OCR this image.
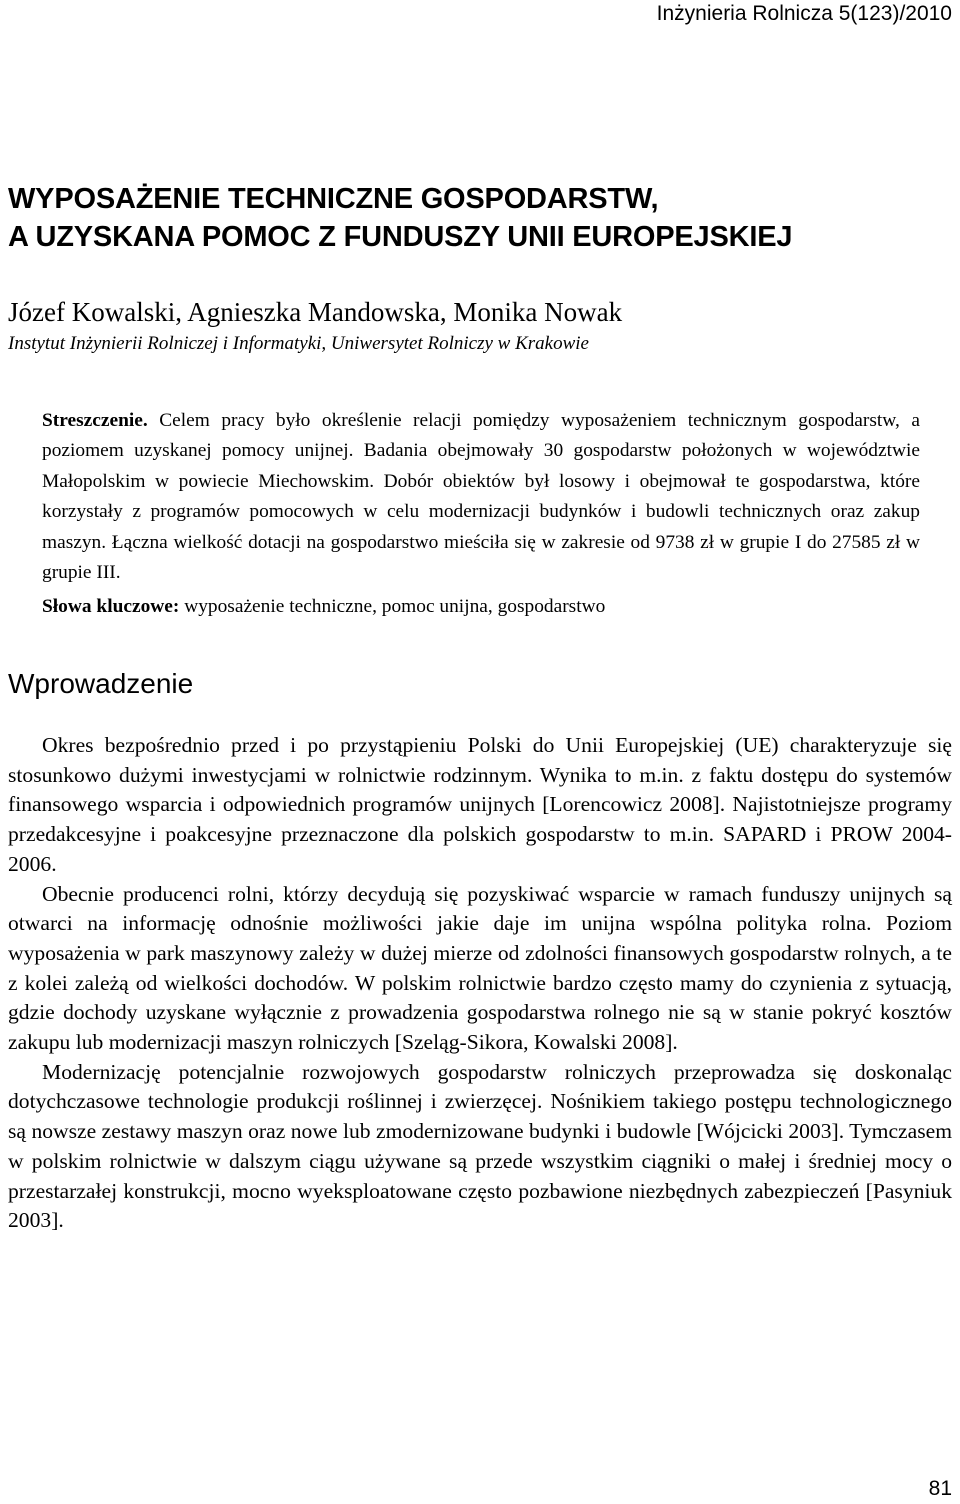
Inżynieria Rolnicza 5(123)/2010
WYPOSAŻENIE TECHNICZNE GOSPODARSTW,
A UZYSKANA POMOC Z FUNDUSZY UNII EUROPEJSKIEJ
Józef Kowalski, Agnieszka Mandowska, Monika Nowak
Instytut Inżynierii Rolniczej i Informatyki, Uniwersytet Rolniczy w Krakowie

Streszczenie. Celem pracy było określenie relacji pomiędzy wyposażeniem technicznym gospodarstw, a poziomem uzyskanej pomocy unijnej. Badania obejmowały 30 gospodarstw położonych w województwie Małopolskim w powiecie Miechowskim. Dobór obiektów był losowy i obejmował te gospodarstwa, które korzystały z programów pomocowych w celu modernizacji budynków i budowli technicznych oraz zakup maszyn. Łączna wielkość dotacji na gospodarstwo mieściła się w zakresie od 9738 zł w grupie I do 27585 zł w grupie III.

Słowa kluczowe: wyposażenie techniczne, pomoc unijna, gospodarstwo

Wprowadzenie

Okres bezpośrednio przed i po przystąpieniu Polski do Unii Europejskiej (UE) charakteryzuje się stosunkowo dużymi inwestycjami w rolnictwie rodzinnym. Wynika to m.in. z faktu dostępu do systemów finansowego wsparcia i odpowiednich programów unijnych [Lorencowicz 2008]. Najistotniejsze programy przedakcesyjne i poakcesyjne przeznaczone dla polskich gospodarstw to m.in. SAPARD i PROW 2004-2006.

Obecnie producenci rolni, którzy decydują się pozyskiwać wsparcie w ramach funduszy unijnych są otwarci na informację odnośnie możliwości jakie daje im unijna wspólna polityka rolna. Poziom wyposażenia w park maszynowy zależy w dużej mierze od zdolności finansowych gospodarstw rolnych, a te z kolei zależą od wielkości dochodów. W polskim rolnictwie bardzo często mamy do czynienia z sytuacją, gdzie dochody uzyskane wyłącznie z prowadzenia gospodarstwa rolnego nie są w stanie pokryć kosztów zakupu lub modernizacji maszyn rolniczych [Szeląg-Sikora, Kowalski 2008].

Modernizację potencjalnie rozwojowych gospodarstw rolniczych przeprowadza się doskonaląc dotychczasowe technologie produkcji roślinnej i zwierzęcej. Nośnikiem takiego postępu technologicznego są nowsze zestawy maszyn oraz nowe lub zmodernizowane budynki i budowle [Wójcicki 2003]. Tymczasem w polskim rolnictwie w dalszym ciągu używane są przede wszystkim ciągniki o małej i średniej mocy o przestarzałej konstrukcji, mocno wyeksploatowane często pozbawione niezbędnych zabezpieczeń [Pasyniuk 2003].

81
